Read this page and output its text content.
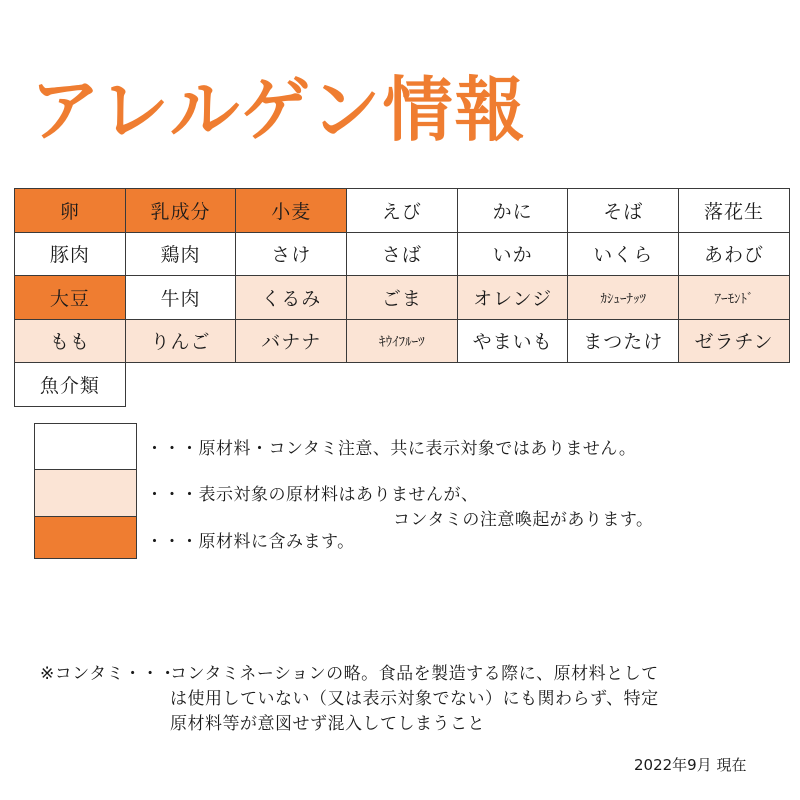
アレルゲン情報
卵	乳成分	小麦	えび	かに	そば	落花生
豚肉	鶏肉	さけ	さば	いか	いくら	あわび
大豆	牛肉	くるみ	ごま	オレンジ	ｶｼｭｰﾅｯﾂ	ｱｰﾓﾝﾄﾞ
もも	りんご	バナナ	ｷｳｲﾌﾙｰﾂ	やまいも	まつたけ	ゼラチン
魚介類
・・・原材料・コンタミ注意、共に表示対象ではありません。
・・・表示対象の原材料はありませんが、
コンタミの注意喚起があります。
・・・原材料に含みます。
※コンタミ・・・
コンタミネーションの略。食品を製造する際に、原材料として
は使用していない（又は表示対象でない）にも関わらず、特定
原材料等が意図せず混入してしまうこと
2022年9月 現在
